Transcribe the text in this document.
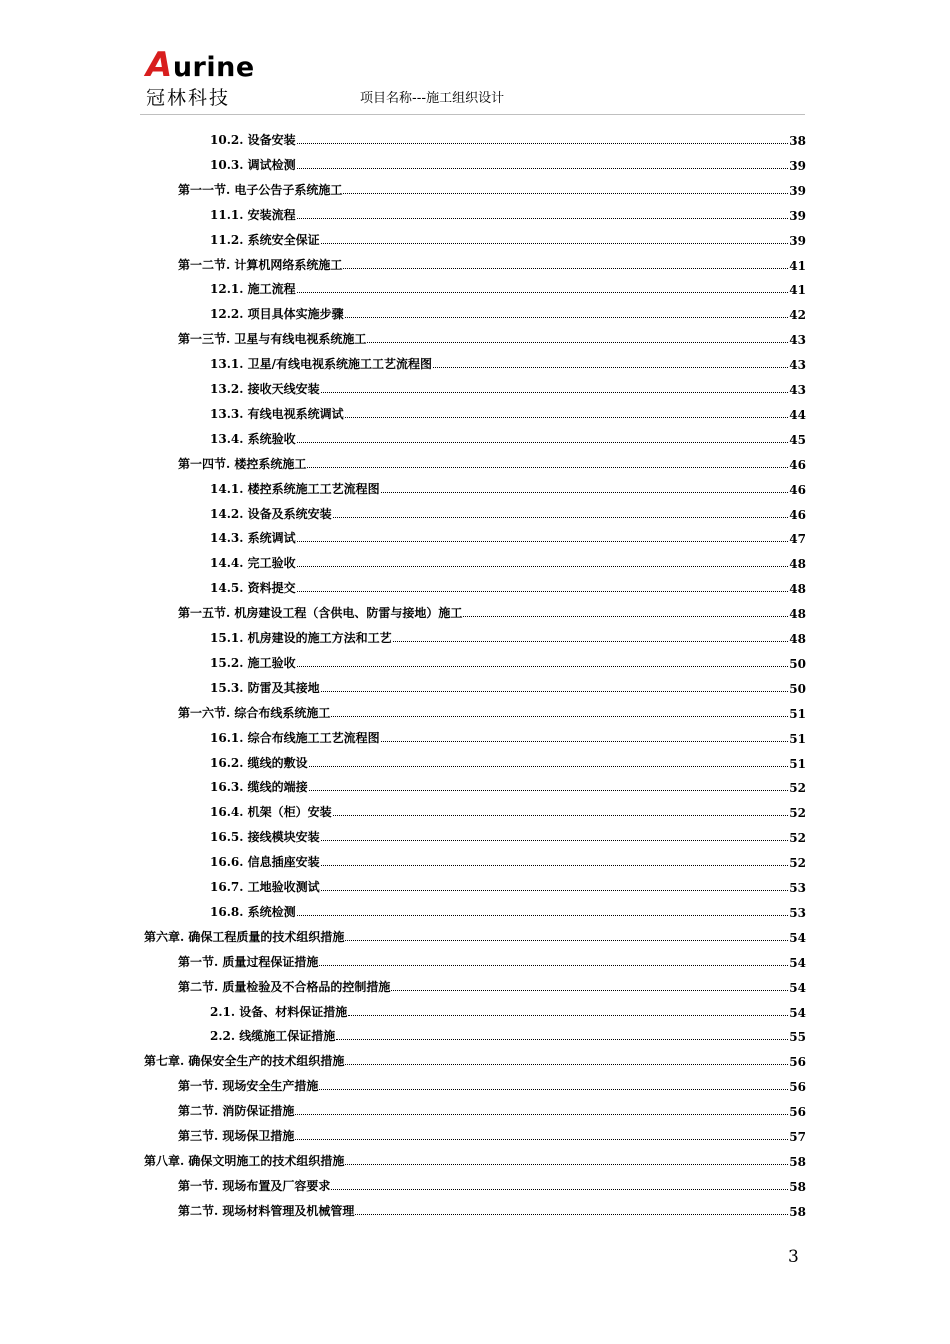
Aurine
冠林科技	项目名称---施工组织设计
10.2. 设备安装	38
10.3. 调试检测	39
第一一节. 电子公告子系统施工	39
11.1. 安装流程	39
11.2. 系统安全保证	39
第一二节. 计算机网络系统施工	41
12.1. 施工流程	41
12.2. 项目具体实施步骤	42
第一三节. 卫星与有线电视系统施工	43
13.1. 卫星/有线电视系统施工工艺流程图	43
13.2. 接收天线安装	43
13.3. 有线电视系统调试	44
13.4. 系统验收	45
第一四节. 楼控系统施工	46
14.1. 楼控系统施工工艺流程图	46
14.2. 设备及系统安装	46
14.3. 系统调试	47
14.4. 完工验收	48
14.5. 资料提交	48
第一五节. 机房建设工程（含供电、防雷与接地）施工	48
15.1. 机房建设的施工方法和工艺	48
15.2. 施工验收	50
15.3. 防雷及其接地	50
第一六节. 综合布线系统施工	51
16.1. 综合布线施工工艺流程图	51
16.2. 缆线的敷设	51
16.3. 缆线的端接	52
16.4. 机架（柜）安装	52
16.5. 接线模块安装	52
16.6. 信息插座安装	52
16.7. 工地验收测试	53
16.8. 系统检测	53
第六章. 确保工程质量的技术组织措施	54
第一节. 质量过程保证措施	54
第二节. 质量检验及不合格品的控制措施	54
2.1. 设备、材料保证措施	54
2.2. 线缆施工保证措施	55
第七章. 确保安全生产的技术组织措施	56
第一节. 现场安全生产措施	56
第二节. 消防保证措施	56
第三节. 现场保卫措施	57
第八章. 确保文明施工的技术组织措施	58
第一节. 现场布置及厂容要求	58
第二节. 现场材料管理及机械管理	58
3
